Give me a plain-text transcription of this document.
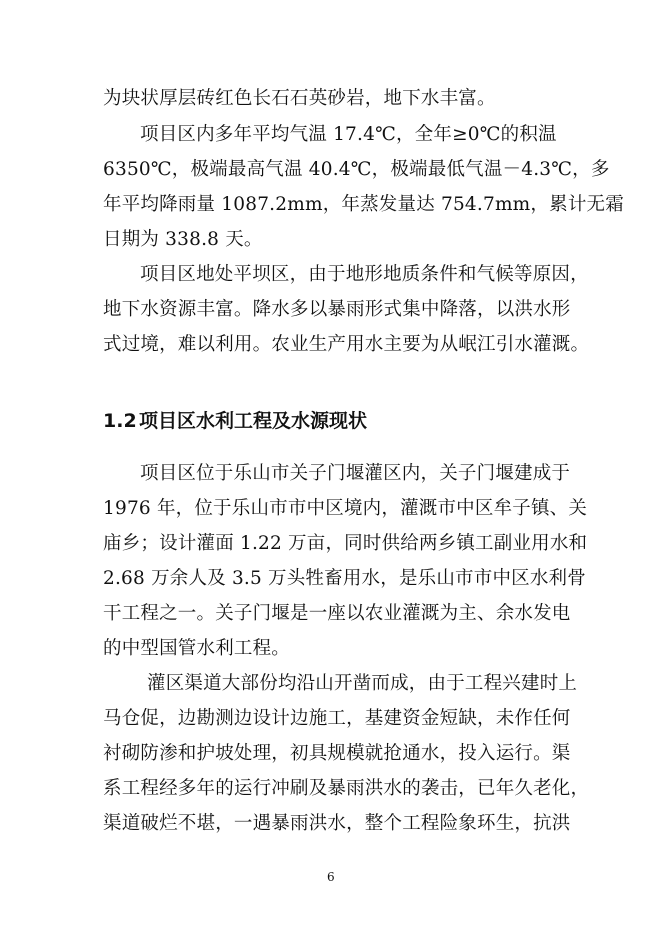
为块状厚层砖红色长石石英砂岩，地下水丰富。
项目区内多年平均气温 17.4℃，全年≥0℃的积温
6350℃，极端最高气温 40.4℃，极端最低气温－4.3℃，多
年平均降雨量 1087.2mm，年蒸发量达 754.7mm，累计无霜
日期为 338.8 天。
项目区地处平坝区，由于地形地质条件和气候等原因，
地下水资源丰富。降水多以暴雨形式集中降落，以洪水形
式过境，难以利用。农业生产用水主要为从岷江引水灌溉。
1.2 项目区水利工程及水源现状
项目区位于乐山市关子门堰灌区内，关子门堰建成于
1976 年，位于乐山市市中区境内，灌溉市中区牟子镇、关
庙乡；设计灌面 1.22 万亩，同时供给两乡镇工副业用水和
2.68 万余人及 3.5 万头牲畜用水，是乐山市市中区水利骨
干工程之一。关子门堰是一座以农业灌溉为主、余水发电
的中型国管水利工程。
灌区渠道大部份均沿山开凿而成，由于工程兴建时上
马仓促，边勘测边设计边施工，基建资金短缺，未作任何
衬砌防渗和护坡处理，初具规模就抢通水，投入运行。渠
系工程经多年的运行冲刷及暴雨洪水的袭击，已年久老化，
渠道破烂不堪，一遇暴雨洪水，整个工程险象环生，抗洪
6
